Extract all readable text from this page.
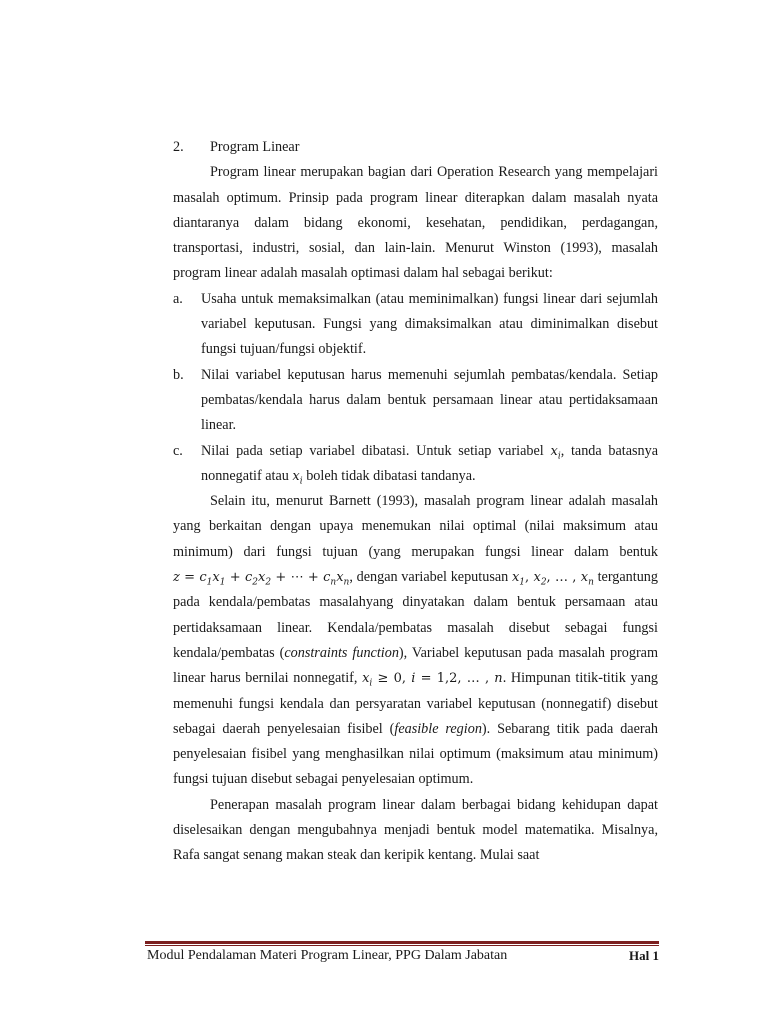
2.	Program Linear

Program linear merupakan bagian dari Operation Research yang mempelajari masalah optimum. Prinsip pada program linear diterapkan dalam masalah nyata diantaranya dalam bidang ekonomi, kesehatan, pendidikan, perdagangan, transportasi, industri, sosial, dan lain-lain. Menurut Winston (1993), masalah program linear adalah masalah optimasi dalam hal sebagai berikut:

a.	Usaha untuk memaksimalkan (atau meminimalkan) fungsi linear dari sejumlah variabel keputusan. Fungsi yang dimaksimalkan atau diminimalkan disebut fungsi tujuan/fungsi objektif.
b.	Nilai variabel keputusan harus memenuhi sejumlah pembatas/kendala. Setiap pembatas/kendala harus dalam bentuk persamaan linear atau pertidaksamaan linear.
c.	Nilai pada setiap variabel dibatasi. Untuk setiap variabel $x_i$, tanda batasnya nonnegatif atau $x_i$ boleh tidak dibatasi tandanya.

Selain itu, menurut Barnett (1993), masalah program linear adalah masalah yang berkaitan dengan upaya menemukan nilai optimal (nilai maksimum atau minimum) dari fungsi tujuan (yang merupakan fungsi linear dalam bentuk $z = c_1x_1 + c_2x_2$ + ⋯ + $c_nx_n$, dengan variabel keputusan $x_1$, $x_2$, … , $x_n$ tergantung pada kendala/pembatas masalahyang dinyatakan dalam bentuk persamaan atau pertidaksamaan linear. Kendala/pembatas masalah disebut sebagai fungsi kendala/pembatas (constraints function), Variabel keputusan pada masalah program linear harus bernilai nonnegatif, $x_i \ge 0$, i = 1,2, … , n. Himpunan titik-titik yang memenuhi fungsi kendala dan persyaratan variabel keputusan (nonnegatif) disebut sebagai daerah penyelesaian fisibel (feasible region). Sebarang titik pada daerah penyelesaian fisibel yang menghasilkan nilai optimum (maksimum atau minimum) fungsi tujuan disebut sebagai penyelesaian optimum.

Penerapan masalah program linear dalam berbagai bidang kehidupan dapat diselesaikan dengan mengubahnya menjadi bentuk model matematika. Misalnya, Rafa sangat senang makan steak dan keripik kentang. Mulai saat

Modul Pendalaman Materi Program Linear, PPG Dalam Jabatan	Hal 1
